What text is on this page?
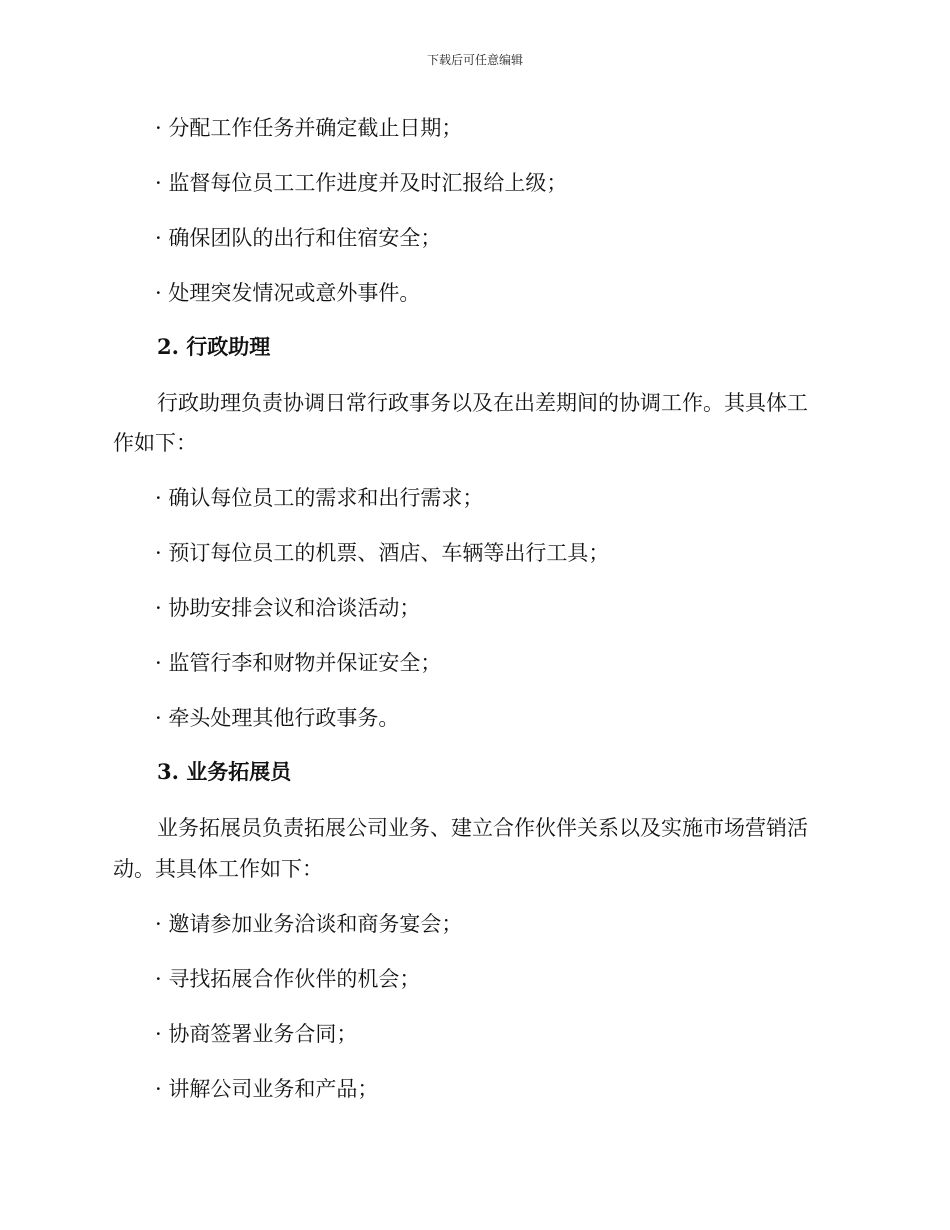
下载后可任意编辑
· 分配工作任务并确定截止日期；
· 监督每位员工工作进度并及时汇报给上级；
· 确保团队的出行和住宿安全；
· 处理突发情况或意外事件。
2. 行政助理
行政助理负责协调日常行政事务以及在出差期间的协调工作。其具体工
作如下：
· 确认每位员工的需求和出行需求；
· 预订每位员工的机票、酒店、车辆等出行工具；
· 协助安排会议和洽谈活动；
· 监管行李和财物并保证安全；
· 牵头处理其他行政事务。
3. 业务拓展员
业务拓展员负责拓展公司业务、建立合作伙伴关系以及实施市场营销活
动。其具体工作如下：
· 邀请参加业务洽谈和商务宴会；
· 寻找拓展合作伙伴的机会；
· 协商签署业务合同；
· 讲解公司业务和产品；
